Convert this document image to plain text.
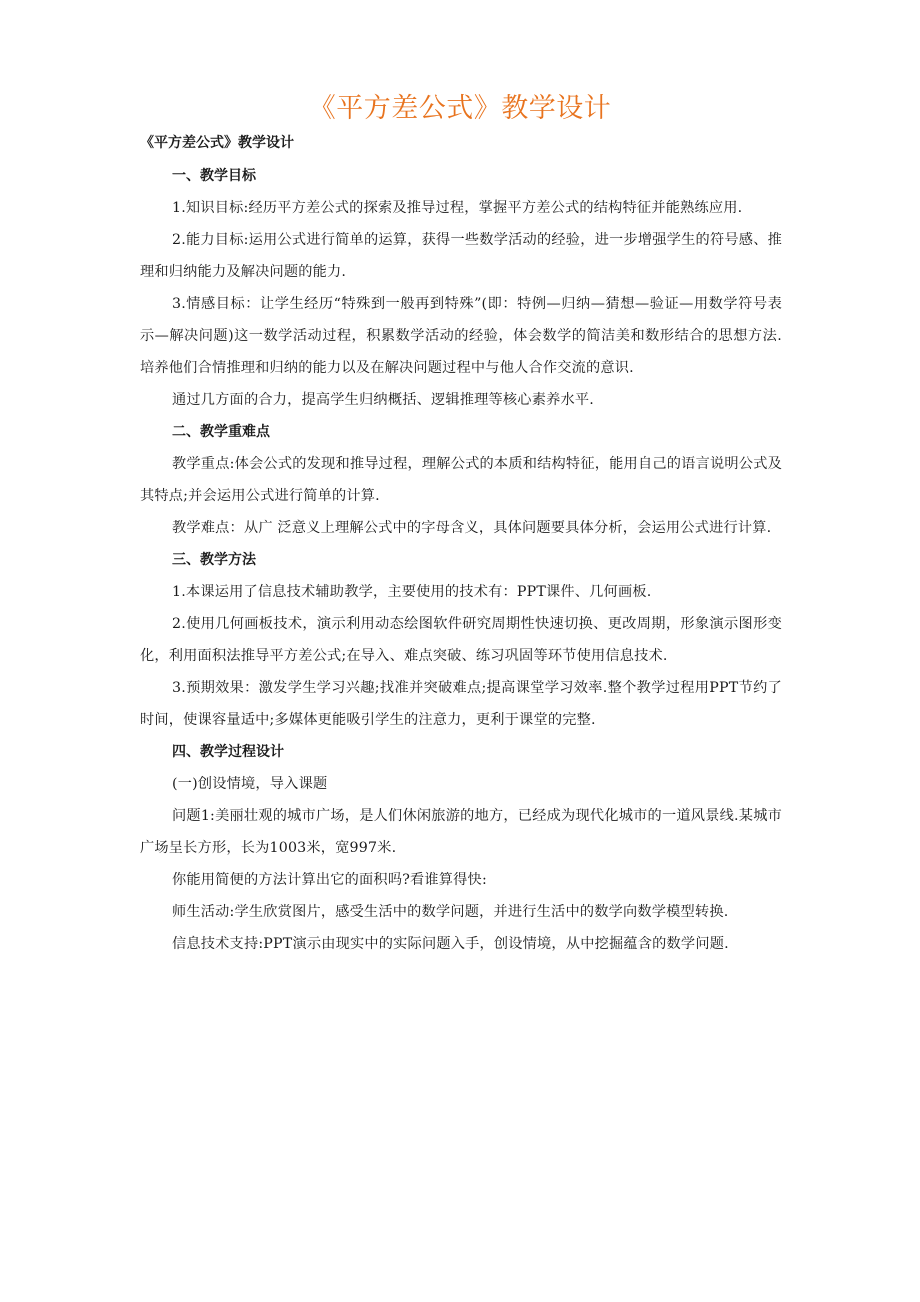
《平方差公式》教学设计
《平方差公式》教学设计
一、教学目标

1.知识目标:经历平方差公式的探索及推导过程，掌握平方差公式的结构特征并能熟练应用.

2.能力目标:运用公式进行简单的运算，获得一些数学活动的经验，进一步增强学生的符号感、推理和归纳能力及解决问题的能力.

3.情感目标：让学生经历“特殊到一般再到特殊”(即：特例—归纳—猜想—验证—用数学符号表示—解决问题)这一数学活动过程，积累数学活动的经验，体会数学的简洁美和数形结合的思想方法.培养他们合情推理和归纳的能力以及在解决问题过程中与他人合作交流的意识.

通过几方面的合力，提高学生归纳概括、逻辑推理等核心素养水平.

二、教学重难点

教学重点:体会公式的发现和推导过程，理解公式的本质和结构特征，能用自己的语言说明公式及其特点;并会运用公式进行简单的计算.

教学难点：从广 泛意义上理解公式中的字母含义，具体问题要具体分析，会运用公式进行计算.

三、教学方法

1.本课运用了信息技术辅助教学，主要使用的技术有：PPT课件、几何画板.

2.使用几何画板技术，演示利用动态绘图软件研究周期性快速切换、更改周期，形象演示图形变化，利用面积法推导平方差公式;在导入、难点突破、练习巩固等环节使用信息技术.

3.预期效果：激发学生学习兴趣;找准并突破难点;提高课堂学习效率.整个教学过程用PPT节约了时间，使课容量适中;多媒体更能吸引学生的注意力，更利于课堂的完整.

四、教学过程设计

(一)创设情境，导入课题

问题1:美丽壮观的城市广场，是人们休闲旅游的地方，已经成为现代化城市的一道风景线.某城市广场呈长方形，长为1003米，宽997米.

你能用简便的方法计算出它的面积吗?看谁算得快:

师生活动:学生欣赏图片，感受生活中的数学问题，并进行生活中的数学向数学模型转换.

信息技术支持:PPT演示由现实中的实际问题入手，创设情境，从中挖掘蕴含的数学问题.
